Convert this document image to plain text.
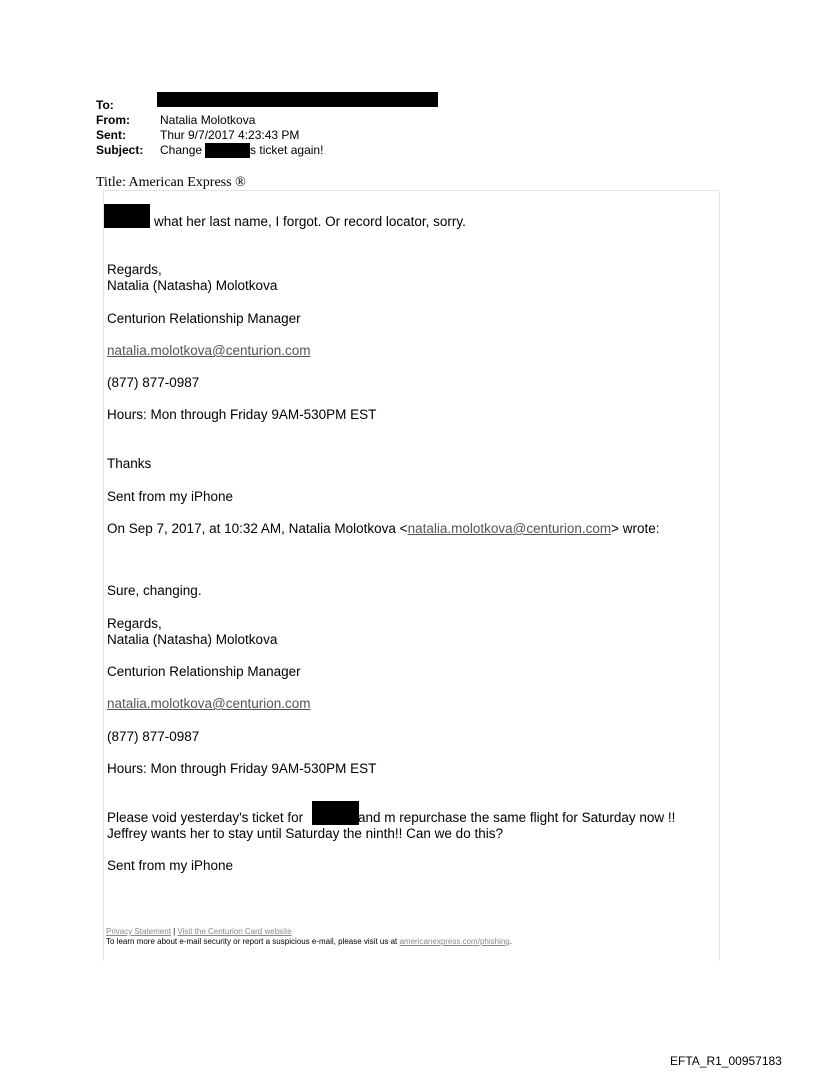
To:
From:	Natalia Molotkova
Sent:	Thur 9/7/2017 4:23:43 PM
Subject:	Change	s ticket again!
Title: American Express ®
what her last name, I forgot. Or record locator, sorry.
Regards,
Natalia (Natasha) Molotkova
Centurion Relationship Manager
natalia.molotkova@centurion.com
(877) 877-0987
Hours: Mon through Friday 9AM-530PM EST
Thanks
Sent from my iPhone
On Sep 7, 2017, at 10:32 AM, Natalia Molotkova <natalia.molotkova@centurion.com> wrote:
Sure, changing.
Regards,
Natalia (Natasha) Molotkova
Centurion Relationship Manager
natalia.molotkova@centurion.com
(877) 877-0987
Hours: Mon through Friday 9AM-530PM EST
Please void yesterday's ticket for	and m repurchase the same flight for Saturday now !!
Jeffrey wants her to stay until Saturday the ninth!! Can we do this?
Sent from my iPhone
Privacy Statement | Visit the Centurion Card website
To learn more about e-mail security or report a suspicious e-mail, please visit us at americanexpress.com/phishing.
EFTA_R1_00957183
